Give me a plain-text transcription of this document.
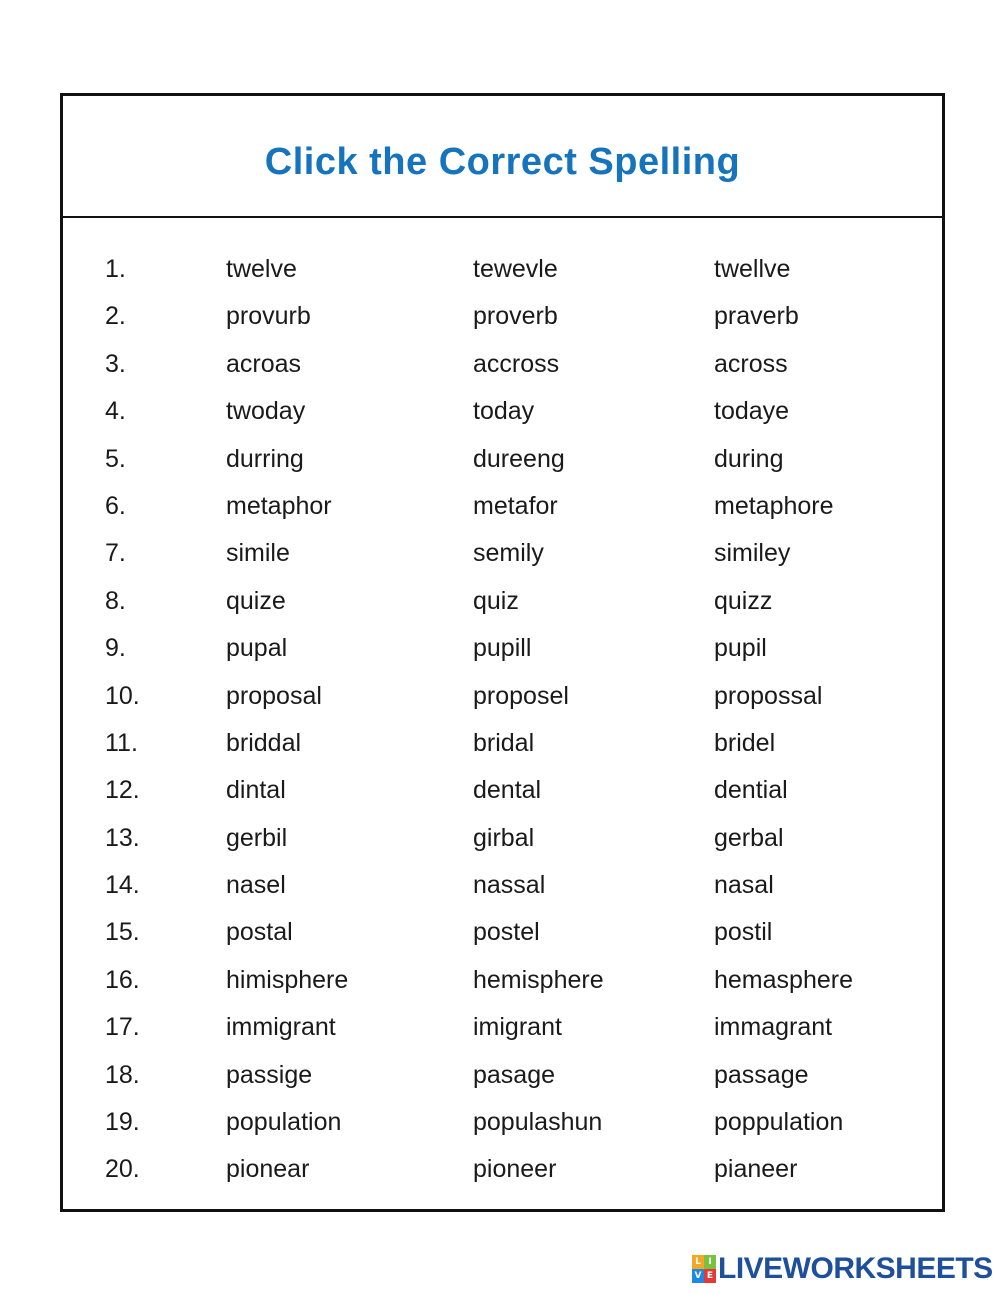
Click the Correct Spelling
1.	twelve	tewevle	twellve
2.	provurb	proverb	praverb
3.	acroas	accross	across
4.	twoday	today	todaye
5.	durring	dureeng	during
6.	metaphor	metafor	metaphore
7.	simile	semily	similey
8.	quize	quiz	quizz
9.	pupal	pupill	pupil
10.	proposal	proposel	propossal
11.	briddal	bridal	bridel
12.	dintal	dental	dential
13.	gerbil	girbal	gerbal
14.	nasel	nassal	nasal
15.	postal	postel	postil
16.	himisphere	hemisphere	hemasphere
17.	immigrant	imigrant	immagrant
18.	passige	pasage	passage
19.	population	populashun	poppulation
20.	pionear	pioneer	pianeer
L I
V E LIVEWORKSHEETS
